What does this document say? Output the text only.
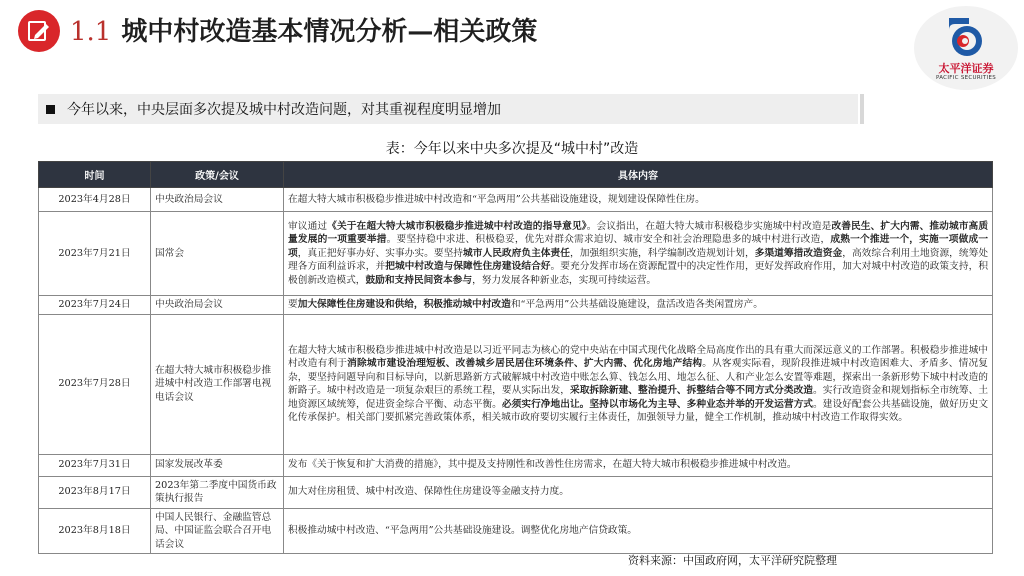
1.1 城中村改造基本情况分析—相关政策
太平洋证券
PACIFIC SECURITIES
今年以来，中央层面多次提及城中村改造问题，对其重视程度明显增加
表：今年以来中央多次提及“城中村”改造
时间	政策/会议	具体内容
2023年4月28日	中央政治局会议	在超大特大城市积极稳步推进城中村改造和“平急两用”公共基础设施建设，规划建设保障性住房。
2023年7月21日	国常会	审议通过《关于在超大特大城市积极稳步推进城中村改造的指导意见》。会议指出，在超大特大城市积极稳步实施城中村改造是改善民生、扩大内需、推动城市高质量发展的一项重要举措。要坚持稳中求进、积极稳妥，优先对群众需求迫切、城市安全和社会治理隐患多的城中村进行改造，成熟一个推进一个，实施一项做成一项，真正把好事办好、实事办实。要坚持城市人民政府负主体责任，加强组织实施，科学编制改造规划计划，多渠道筹措改造资金，高效综合利用土地资源，统筹处理各方面利益诉求，并把城中村改造与保障性住房建设结合好。要充分发挥市场在资源配置中的决定性作用，更好发挥政府作用，加大对城中村改造的政策支持，积极创新改造模式，鼓励和支持民间资本参与，努力发展各种新业态，实现可持续运营。
2023年7月24日	中央政治局会议	要加大保障性住房建设和供给，积极推动城中村改造和“平急两用”公共基础设施建设，盘活改造各类闲置房产。
2023年7月28日	在超大特大城市积极稳步推进城中村改造工作部署电视电话会议	在超大特大城市积极稳步推进城中村改造是以习近平同志为核心的党中央站在中国式现代化战略全局高度作出的具有重大而深远意义的工作部署。积极稳步推进城中村改造有利于消除城市建设治理短板、改善城乡居民居住环境条件、扩大内需、优化房地产结构。从客观实际看，现阶段推进城中村改造困难大、矛盾多、情况复杂，要坚持问题导向和目标导向，以新思路新方式破解城中村改造中账怎么算、钱怎么用、地怎么征、人和产业怎么安置等难题，探索出一条新形势下城中村改造的新路子。城中村改造是一项复杂艰巨的系统工程，要从实际出发，采取拆除新建、整治提升、拆整结合等不同方式分类改造。实行改造资金和规划指标全市统筹、土地资源区域统筹，促进资金综合平衡、动态平衡。必须实行净地出让。坚持以市场化为主导、多种业态并举的开发运营方式。建设好配套公共基础设施，做好历史文化传承保护。相关部门要抓紧完善政策体系，相关城市政府要切实履行主体责任，加强领导力量，健全工作机制，推动城中村改造工作取得实效。
2023年7月31日	国家发展改革委	发布《关于恢复和扩大消费的措施》，其中提及支持刚性和改善性住房需求，在超大特大城市积极稳步推进城中村改造。
2023年8月17日	2023年第二季度中国货币政策执行报告	加大对住房租赁、城中村改造、保障性住房建设等金融支持力度。
2023年8月18日	中国人民银行、金融监管总局、中国证监会联合召开电话会议	积极推动城中村改造、“平急两用”公共基础设施建设。调整优化房地产信贷政策。
资料来源：中国政府网，太平洋研究院整理
